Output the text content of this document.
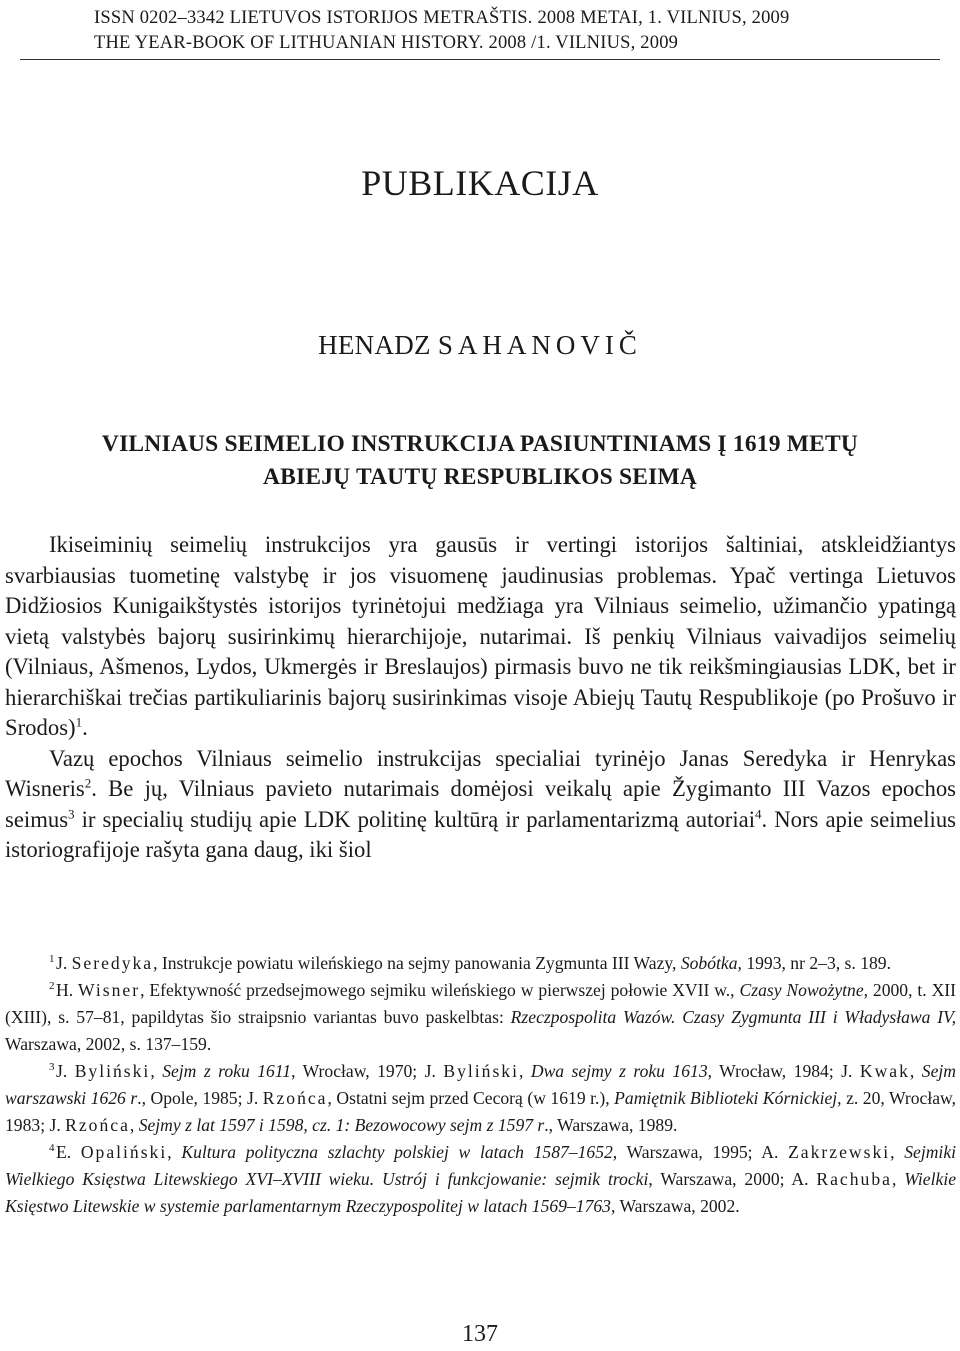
ISSN 0202–3342 LIETUVOS ISTORIJOS METRAŠTIS. 2008 METAI, 1. VILNIUS, 2009
THE YEAR-BOOK OF LITHUANIAN HISTORY. 2008 /1. VILNIUS, 2009
PUBLIKACIJA
HENADZ SAHANOVIČ
VILNIAUS SEIMELIO INSTRUKCIJA PASIUNTINIAMS Į 1619 METŲ
ABIEJŲ TAUTŲ RESPUBLIKOS SEIMĄ

Ikiseiminių seimelių instrukcijos yra gausūs ir vertingi istorijos šaltiniai, atskleidžiantys svarbiausias tuometinę valstybę ir jos visuomenę jaudinusias problemas. Ypač vertinga Lietuvos Didžiosios Kunigaikštystės istorijos tyrinėtojui medžiaga yra Vilniaus seimelio, užimančio ypatingą vietą valstybės bajorų susirinkimų hierarchijoje, nutarimai. Iš penkių Vilniaus vaivadijos seimelių (Vilniaus, Ašmenos, Lydos, Ukmergės ir Breslaujos) pirmasis buvo ne tik reikšmingiausias LDK, bet ir hierarchiškai trečias partikuliarinis bajorų susirinkimas visoje Abiejų Tautų Respublikoje (po Prošuvo ir Srodos)$^1$.

Vazų epochos Vilniaus seimelio instrukcijas specialiai tyrinėjo Janas Seredyka ir Henrykas Wisneris$^2$. Be jų, Vilniaus pavieto nutarimais domėjosi veikalų apie Žygimanto III Vazos epochos seimus$^3$ ir specialių studijų apie LDK politinę kultūrą ir parlamentarizmą autoriai$^4$. Nors apie seimelius istoriografijoje rašyta gana daug, iki šiol

$^1$ J. Seredyka, Instrukcje powiatu wileńskiego na sejmy panowania Zygmunta III Wazy, Sobótka, 1993, nr 2–3, s. 189.

$^2$ H. Wisner, Efektywność przedsejmowego sejmiku wileńskiego w pierwszej połowie XVII w., Czasy Nowożytne, 2000, t. XII (XIII), s. 57–81, papildytas šio straipsnio variantas buvo paskelbtas: Rzeczpospolita Wazów. Czasy Zygmunta III i Władysława IV, Warszawa, 2002, s. 137–159.

$^3$ J. Byliński, Sejm z roku 1611, Wrocław, 1970; J. Byliński, Dwa sejmy z roku 1613, Wrocław, 1984; J. Kwak, Sejm warszawski 1626 r., Opole, 1985; J. Rzońca, Ostatni sejm przed Cecorą (w 1619 r.), Pamiętnik Biblioteki Kórnickiej, z. 20, Wrocław, 1983; J. Rzońca, Sejmy z lat 1597 i 1598, cz. 1: Bezowocowy sejm z 1597 r., Warszawa, 1989.

$^4$ E. Opaliński, Kultura polityczna szlachty polskiej w latach 1587–1652, Warszawa, 1995; A. Zakrzewski, Sejmiki Wielkiego Księstwa Litewskiego XVI–XVIII wieku. Ustrój i funkcjowanie: sejmik trocki, Warszawa, 2000; A. Rachuba, Wielkie Księstwo Litewskie w systemie parlamentarnym Rzeczypospolitej w latach 1569–1763, Warszawa, 2002.

137
